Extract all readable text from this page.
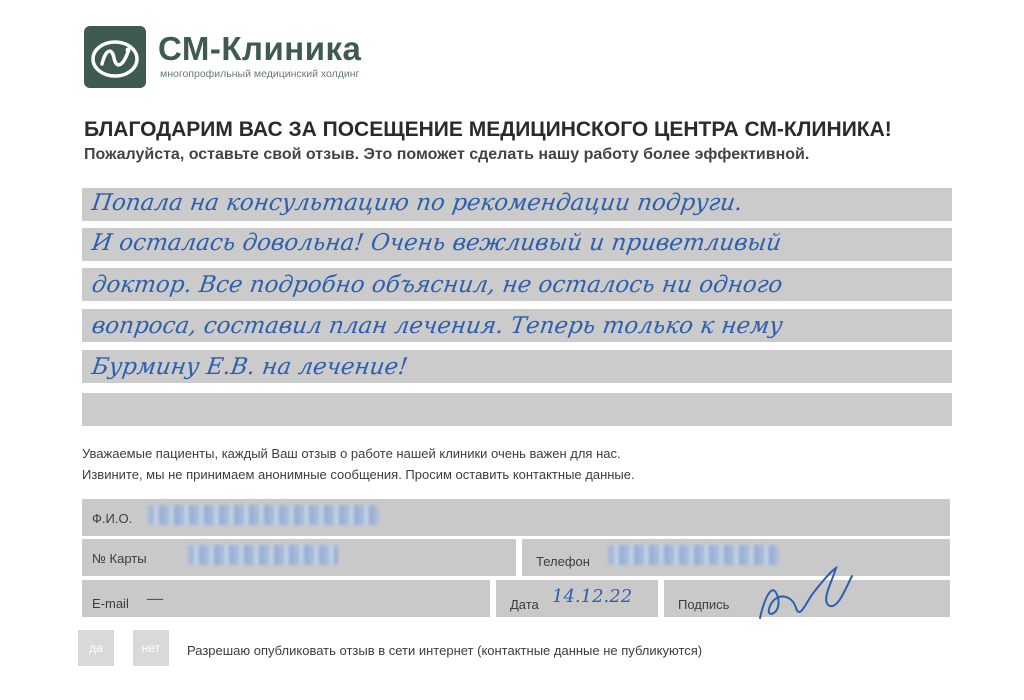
СМ-Клиника
многопрофильный медицинский холдинг
БЛАГОДАРИМ ВАС ЗА ПОСЕЩЕНИЕ МЕДИЦИНСКОГО ЦЕНТРА СМ-КЛИНИКА!
Пожалуйста, оставьте свой отзыв. Это поможет сделать нашу работу более эффективной.
Попала на консультацию по рекомендации подруги.
И осталась довольна! Очень вежливый и приветливый
доктор. Все подробно объяснил, не осталось ни одного
вопроса, составил план лечения. Теперь только к нему
Бурмину Е.В. на лечение!
Уважаемые пациенты, каждый Ваш отзыв о работе нашей клиники очень важен для нас.
Извините, мы не принимаем анонимные сообщения. Просим оставить контактные данные.
Ф.И.О.
№ Карты	Телефон
E-mail —	Дата 14.12.22	Подпись
да	нет	Разрешаю опубликовать отзыв в сети интернет (контактные данные не публикуются)
